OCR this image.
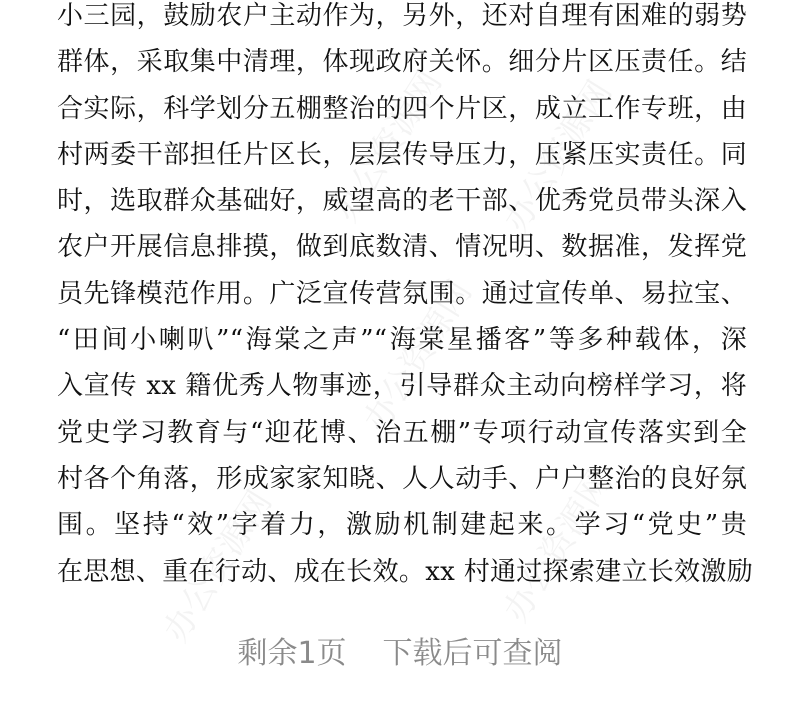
办公资源网 办公资源网
办公资源网
办公资源网
办公资源网
小三园，鼓励农户主动作为，另外，还对自理有困难的弱势
群体，采取集中清理，体现政府关怀。细分片区压责任。结
合实际，科学划分五棚整治的四个片区，成立工作专班，由
村两委干部担任片区长，层层传导压力，压紧压实责任。同
时，选取群众基础好，威望高的老干部、优秀党员带头深入
农户开展信息排摸，做到底数清、情况明、数据准，发挥党
员先锋模范作用。广泛宣传营氛围。通过宣传单、易拉宝、
“田间小喇叭”“海棠之声”“海棠星播客”等多种载体，深
入宣传 xx 籍优秀人物事迹，引导群众主动向榜样学习，将
党史学习教育与“迎花博、治五棚”专项行动宣传落实到全
村各个角落，形成家家知晓、人人动手、户户整治的良好氛
围。坚持“效”字着力，激励机制建起来。学习“党史”贵
在思想、重在行动、成在长效。xx 村通过探索建立长效激励
剩余1页 下载后可查阅
